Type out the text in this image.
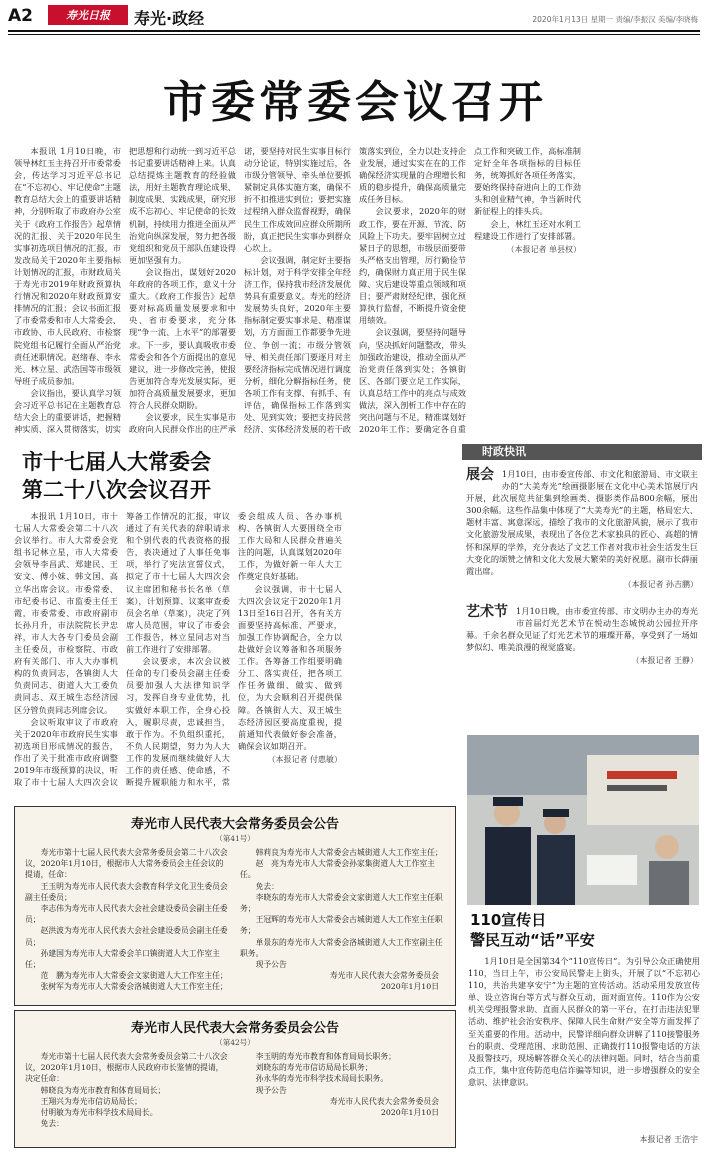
A2	寿光日报 寿光·政经	2020年1月13日 星期一 责编/李振汉 美编/李晓梅
市委常委会议召开

本报讯 1月10日晚，市领导林红玉主持召开市委常委会，传达学习习近平总书记在“不忘初心、牢记使命”主题教育总结大会上的重要讲话精神，分别听取了市政府办公室关于《政府工作报告》起草情况的汇报、关于2020年民生实事初选项目情况的汇报，市发改局关于2020年主要指标计划情况的汇报，市财政局关于寿光市2019年财政预算执行情况和2020年财政预算安排情况的汇报；会议书面汇报了市委常委和市人大常委会、市政协、市人民政府、市检察院党组书记履行全面从严治党责任述职情况。赵绪春、李永光、林立星、武浩国等市级领导班子成员参加。

会议指出，要认真学习领会习近平总书记在主题教育总结大会上的重要讲话，把握精神实质、深入贯彻落实，切实把思想和行动统一到习近平总书记重要讲话精神上来。认真总结提炼主题教育的经验做法，用好主题教育理论成果、制度成果、实践成果，研究形成不忘初心、牢记使命的长效机制，持续用力推进全面从严治党向纵深发展，努力把各级党组织和党员干部队伍建设得更加坚强有力。

会议指出，谋划好2020年政府的各项工作，意义十分重大。《政府工作报告》起草要对标高质量发展要求和中央、省市委要求，充分体现“争一流、上水平”的部署要求。下一步，要认真吸收市委常委会和各个方面提出的意见建议，进一步修改完善，使报告更加符合寿光发展实际，更加符合高质量发展要求，更加符合人民群众期盼。

会议要求，民生实事是市政府向人民群众作出的庄严承诺，要坚持对民生实事目标行动分论证，特别实施过后，各市级分管领导、牵头单位要抓紧制定具体实施方案，确保不折不扣推进实到位；要把实施过程纳入群众监督视野，确保民生工作成效回应群众所期所盼，真正把民生实事办到群众心坎上。

会议强调，制定好主要指标计划，对于科学安排全年经济工作，保持我市经济发展优势具有重要意义。寿光的经济发展势头良好，2020年主要指标制定要实事求是、精准谋划，方方面面工作都要争先进位、争创一流；市级分管领导、相关责任部门要逐月对主要经济指标完成情况进行调度分析，细化分解指标任务，使各项工作有支撑、有抓手、有评估，确保指标工作落到实处、见到实效；要把支持民营经济、实体经济发展的若干政策落实到位，全力以赴支持企业发展，通过实实在在的工作确保经济实现量的合理增长和质的稳步提升，确保高质量完成任务目标。

会议要求，2020年的财政工作，要在开源、节流、防风险上下功夫。要牢固树立过紧日子的思想，市级层面要带头严格支出管理，厉行勤俭节约，确保财力真正用于民生保障、灾后建设等重点领域和项目；要严肃财经纪律，强化预算执行监督，不断提升资金使用绩效。

会议强调，要坚持问题导向，坚决抓好问题整改，带头加强政治建设，推动全面从严治党责任落到实处；各镇街区、各部门要立足工作实际，认真总结工作中的亮点与成效做法，深入剖析工作中存在的突出问题与不足，精准谋划好2020年工作；要确定各自重点工作和突破工作，高标准制定好全年各项指标的目标任务，统筹抓好各项任务落实，要始终保持奋进向上的工作劲头和创业精气神，争当新时代新征程上的排头兵。

会上，林红玉还对水利工程建设工作进行了安排部署。

（本报记者 单县权）
市十七届人大常委会
第二十八次会议召开

本报讯 1月10日，市十七届人大常委会第二十八次会议举行。市人大常委会党组书记林立星，市人大常委会领导李昌武、郑建民、王安文、傅小妹、韩文国、高立华出席会议。市委常委、市纪委书记、市监委主任王霞，市委常委、市政府副市长孙月升，市法院院长尹忠祥，市人大各专门委员会副主任委员，市检察院、市政府有关部门、市人大办事机构的负责同志，各镇街人大负责同志、街道人大工委负责同志、双王城生态经济园区分管负责同志列席会议。

会议听取审议了市政府关于2020年市政府民生实事初选项目形成情况的报告，作出了关于批准市政府调整2019年市级预算的决议，听取了市十七届人大四次会议筹备工作情况的汇报，审议通过了有关代表的辞职请求和个别代表的代表资格的报告，表决通过了人事任免事项，举行了宪法宣誓仪式，拟定了市十七届人大四次会议主席团和秘书长名单（草案），计划预算、议案审查委员会名单（草案），决定了列席人员范围，审议了市委会工作报告，林立星同志对当前工作进行了安排部署。

会议要求，本次会议被任命的专门委员会副主任委员要加强人大法律知识学习，发挥自身专业优势，扎实做好本职工作，全身心投入，履职尽责，忠诚担当，敢于作为。不负组织重托，不负人民期望，努力为人大工作的发展而继续做好人大工作的责任感、使命感，不断提升履职能力和水平，常委会组成人员、各办事机构、各镇街人大要围绕全市工作大局和人民群众普遍关注的问题，认真谋划2020年工作，为做好新一年人大工作奠定良好基础。

会议强调，市十七届人大四次会议定于2020年1月13日至16日召开，各有关方面要坚持高标准、严要求，加强工作协调配合，全力以赴做好会议筹备和各项服务工作。各筹备工作组要明确分工、落实责任，把各项工作任务做细、做实、做到位，为大会顺利召开提供保障。各镇街人大、双王城生态经济园区要高度重视，提前通知代表做好参会准备，确保会议如期召开。

（本报记者 付惠敏）
时政快讯
展会 1月10日，由市委宣传部、市文化和旅游局、市文联主办的“大美寿光”绘画摄影展在文化中心美术馆展厅内开展，此次展览共征集到绘画类、摄影类作品800余幅，展出300余幅。这些作品集中体现了“大美寿光”的主题，格局宏大、题材丰富、寓意深远，描绘了我市的文化旅游风貌，展示了我市文化旅游发展成果，表现出了各位艺术家独具的匠心、高超的情怀和深厚的学养，充分表达了文艺工作者对我市社会生活发生巨大变化的颂赞之情和文化大发展大繁荣的美好祝愿。副市长薛丽霞出席。
（本报记者 孙吉鹏）
艺术节 1月10日晚，由市委宣传部、市文明办主办的寿光市首届灯光艺术节在悦动生态城悦动公园拉开序幕。千余名群众见证了灯光艺术节的璀璨开幕，享受到了一场如梦似幻、唯美浪漫的视觉盛宴。
（本报记者 王静）
110宣传日
警民互动“话”平安

1月10日是全国第34个“110宣传日”。为引导公众正确使用110，当日上午，市公安局民警走上街头，开展了以“不忘初心110，共治共建享安宁”为主题的宣传活动。活动采用发放宣传单、设立咨询台等方式与群众互动，面对面宣传。110作为公安机关受理报警求助、直面人民群众的第一平台，在打击违法犯罪活动、维护社会治安秩序、保障人民生命财产安全等方面发挥了至关重要的作用。活动中，民警详细向群众讲解了110接警服务台的职责、受理范围、求助范围、正确拨打110报警电话的方法及报警技巧，现场解答群众关心的法律问题。同时，结合当前重点工作，集中宣传防范电信诈骗等知识，进一步增强群众的安全意识、法律意识。

本报记者 王浩宇
寿光市人民代表大会常务委员会公告
（第41号）

寿光市第十七届人民代表大会常务委员会第二十八次会议，2020年1月10日，根据市人大常务委员会主任会议的提请，任命：

王玉明为寿光市人民代表大会教育科学文化卫生委员会副主任委员；

李志伟为寿光市人民代表大会社会建设委员会副主任委员；

赵洪波为寿光市人民代表大会社会建设委员会副主任委员；

孙建国为寿光市人大常委会羊口镇街道人大工作室主任；

范　鹏为寿光市人大常委会文家街道人大工作室主任；

张树军为寿光市人大常委会洛城街道人大工作室主任；

韩莉良为寿光市人大常委会古城街道人大工作室主任；

赵　亮为寿光市人大常委会孙家集街道人大工作室主任。

免去：

李晓东的寿光市人大常委会文家街道人大工作室主任职务；

王冠辉的寿光市人大常委会古城街道人大工作室主任职务；

单景东的寿光市人大常委会洛城街道人大工作室副主任职务。

现予公告

寿光市人民代表大会常务委员会
2020年1月10日
寿光市人民代表大会常务委员会公告
（第42号）

寿光市第十七届人民代表大会常务委员会第二十八次会议，2020年1月10日，根据市人民政府市长鉴情的提请，决定任命：

韩晓良为寿光市教育和体育局局长；

王翔兴为寿光市信访局局长；

付明敏为寿光市科学技术局局长。

免去：

李玉明的寿光市教育和体育局局长职务；

刘晓东的寿光市信访局局长职务；

孙永华的寿光市科学技术局局长职务。

现予公告

寿光市人民代表大会常务委员会
2020年1月10日
